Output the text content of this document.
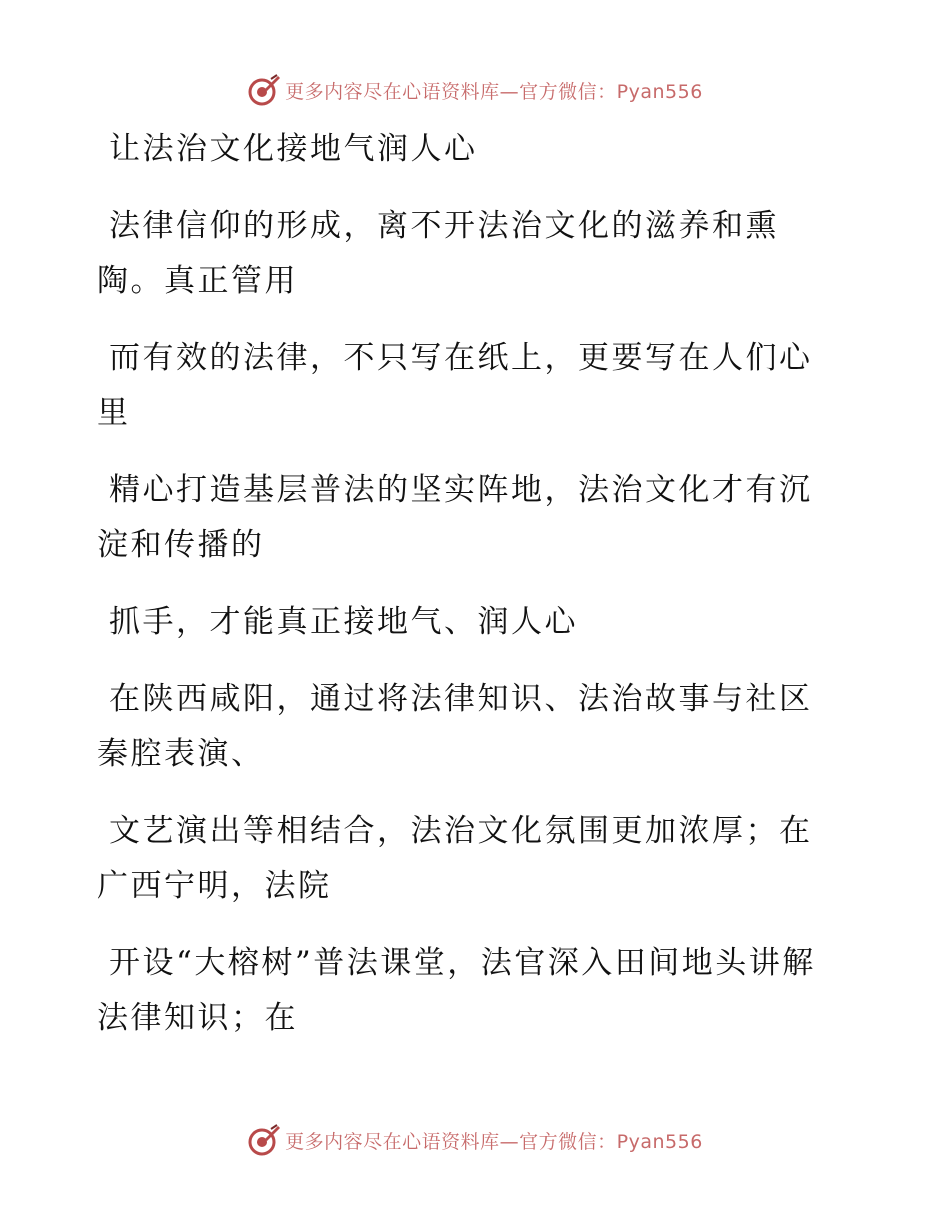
更多内容尽在心语资料库—官方微信：Pyan556

让法治文化接地气润人心

法律信仰的形成，离不开法治文化的滋养和熏陶。真正管用

而有效的法律，不只写在纸上，更要写在人们心里

精心打造基层普法的坚实阵地，法治文化才有沉淀和传播的

抓手，才能真正接地气、润人心

在陕西咸阳，通过将法律知识、法治故事与社区秦腔表演、

文艺演出等相结合，法治文化氛围更加浓厚；在广西宁明，法院

开设“大榕树”普法课堂，法官深入田间地头讲解法律知识；在

更多内容尽在心语资料库—官方微信：Pyan556
